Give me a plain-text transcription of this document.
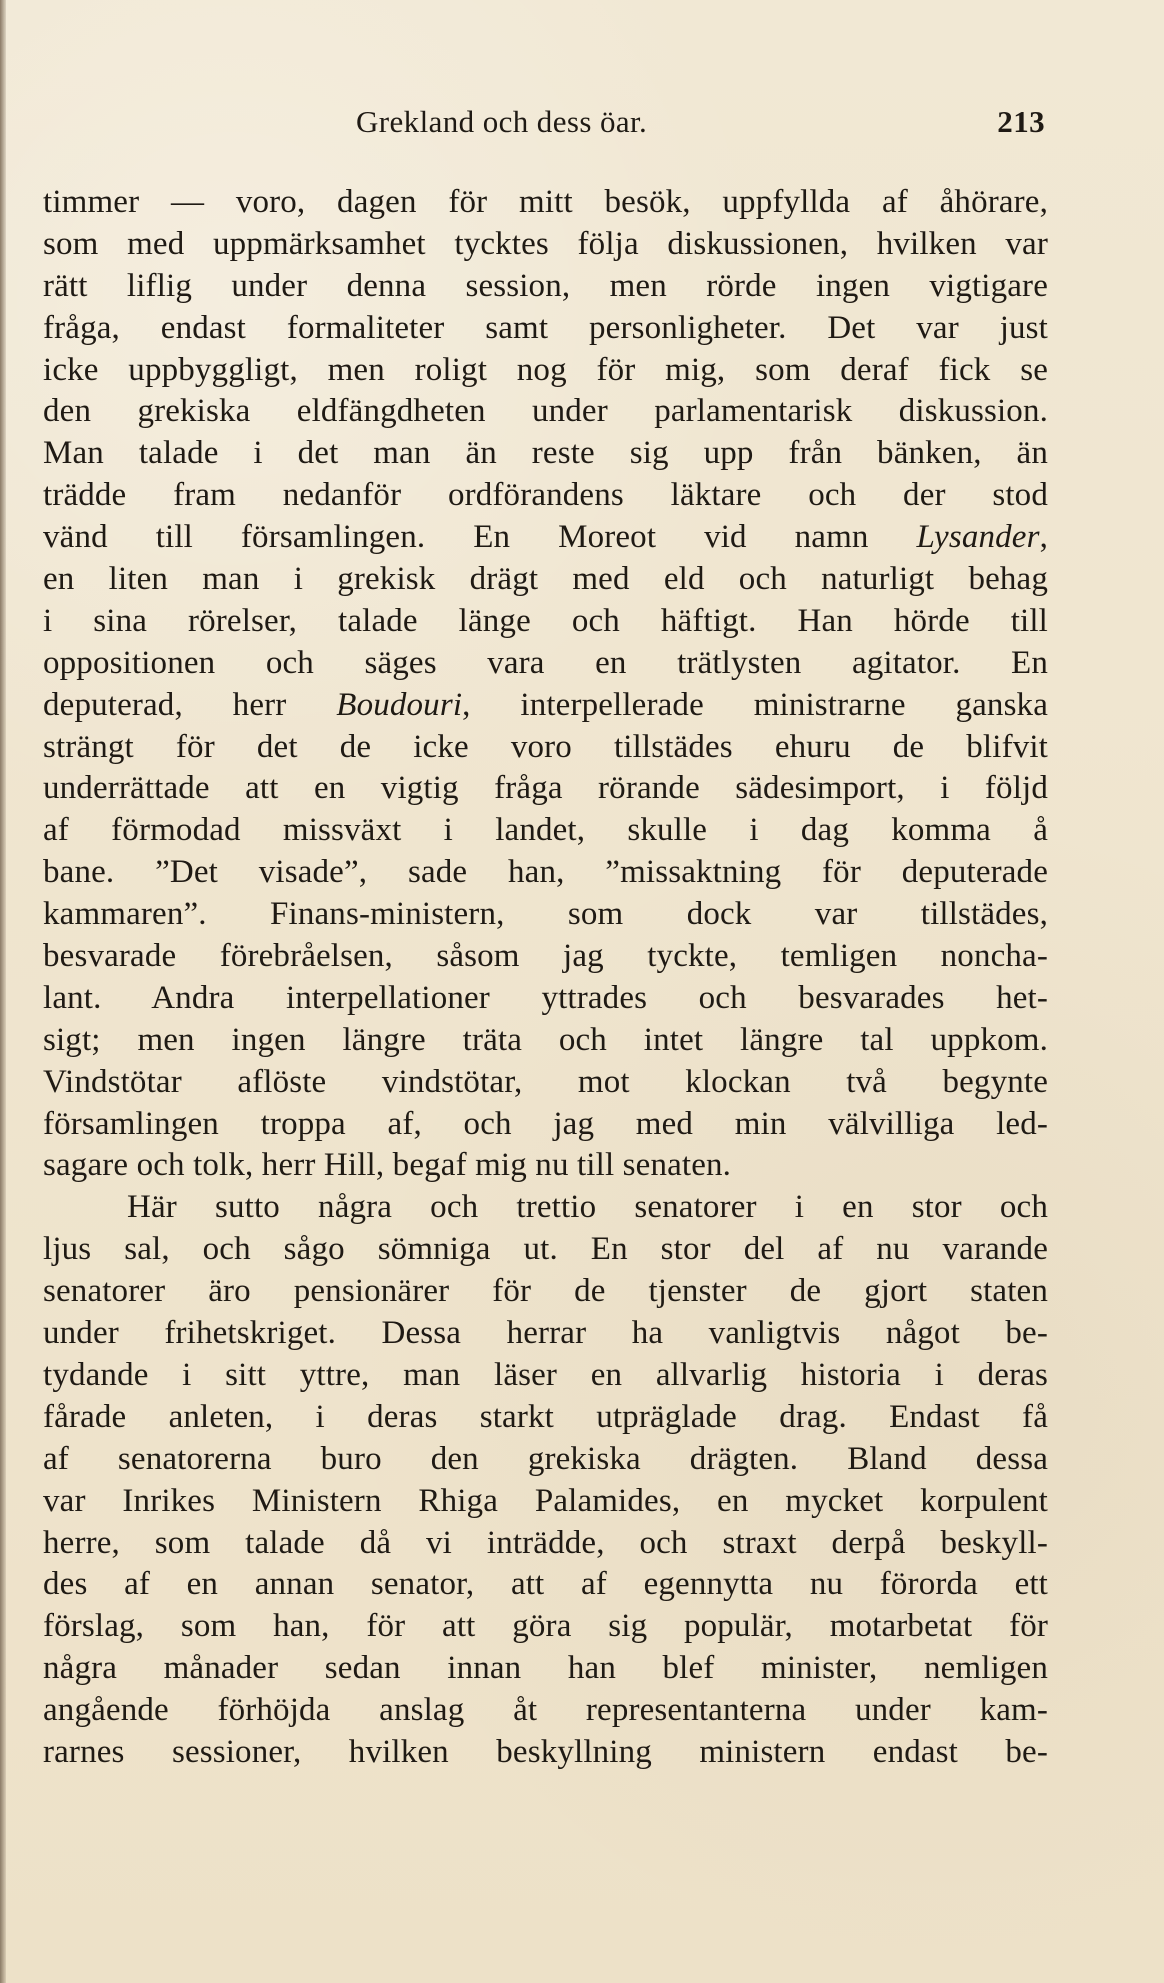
Grekland och dess öar.	213
timmer — voro, dagen för mitt besök, uppfyllda af åhörare,
som med uppmärksamhet tycktes följa diskussionen, hvilken var
rätt liflig under denna session, men rörde ingen vigtigare
fråga, endast formaliteter samt personligheter. Det var just
icke uppbyggligt, men roligt nog för mig, som deraf fick se
den grekiska eldfängdheten under parlamentarisk diskussion.
Man talade i det man än reste sig upp från bänken, än
trädde fram nedanför ordförandens läktare och der stod
vänd till församlingen. En Moreot vid namn Lysander,
en liten man i grekisk drägt med eld och naturligt behag
i sina rörelser, talade länge och häftigt. Han hörde till
oppositionen och säges vara en trätlysten agitator. En
deputerad, herr Boudouri, interpellerade ministrarne ganska
strängt för det de icke voro tillstädes ehuru de blifvit
underrättade att en vigtig fråga rörande sädesimport, i följd
af förmodad missväxt i landet, skulle i dag komma å
bane. ”Det visade”, sade han, ”missaktning för deputerade
kammaren”. Finans-ministern, som dock var tillstädes,
besvarade förebråelsen, såsom jag tyckte, temligen noncha-
lant. Andra interpellationer yttrades och besvarades het-
sigt; men ingen längre träta och intet längre tal uppkom.
Vindstötar aflöste vindstötar, mot klockan två begynte
församlingen troppa af, och jag med min välvilliga led-
sagare och tolk, herr Hill, begaf mig nu till senaten.
Här sutto några och trettio senatorer i en stor och
ljus sal, och sågo sömniga ut. En stor del af nu varande
senatorer äro pensionärer för de tjenster de gjort staten
under frihetskriget. Dessa herrar ha vanligtvis något be-
tydande i sitt yttre, man läser en allvarlig historia i deras
fårade anleten, i deras starkt utpräglade drag. Endast få
af senatorerna buro den grekiska drägten. Bland dessa
var Inrikes Ministern Rhiga Palamides, en mycket korpulent
herre, som talade då vi inträdde, och straxt derpå beskyll-
des af en annan senator, att af egennytta nu förorda ett
förslag, som han, för att göra sig populär, motarbetat för
några månader sedan innan han blef minister, nemligen
angående förhöjda anslag åt representanterna under kam-
rarnes sessioner, hvilken beskyllning ministern endast be-
